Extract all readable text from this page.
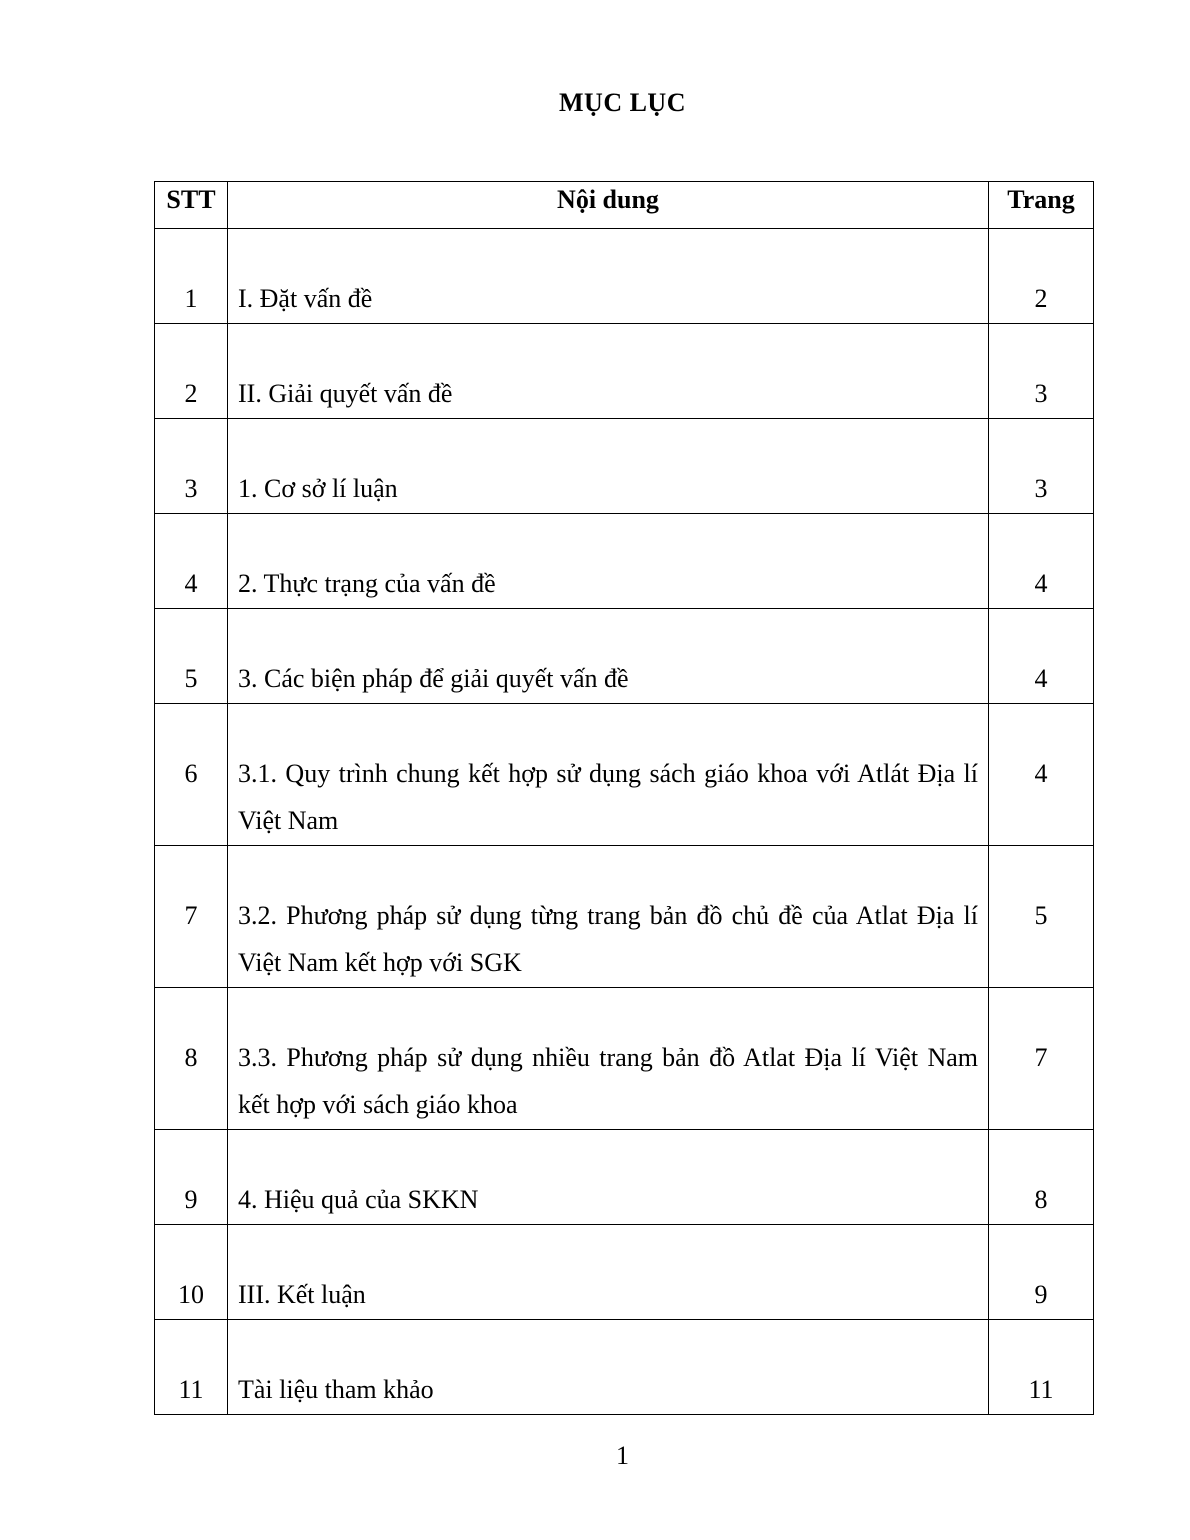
MỤC LỤC
STT	Nội dung	Trang
1	I. Đặt vấn đề	2
2	II. Giải quyết vấn đề	3
3	1. Cơ sở lí luận	3
4	2. Thực trạng của vấn đề	4
5	3. Các biện pháp để giải quyết vấn đề	4
6	3.1. Quy trình chung kết hợp sử dụng sách giáo khoa với Atlát Địa lí Việt Nam	4
7	3.2. Phương pháp sử dụng từng trang bản đồ chủ đề của Atlat Địa lí Việt Nam kết hợp với SGK	5
8	3.3. Phương pháp sử dụng nhiều trang bản đồ Atlat Địa lí Việt Nam kết hợp với sách giáo khoa	7
9	4. Hiệu quả của SKKN	8
10	III. Kết luận	9
11	Tài liệu tham khảo	11
1
